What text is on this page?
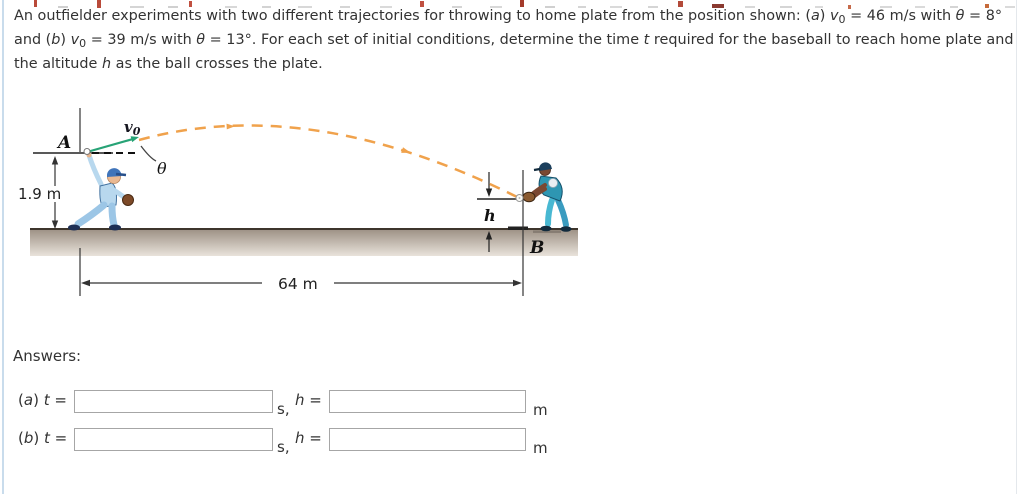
An outfielder experiments with two different trajectories for throwing to home plate from the position shown: (a) $v_0 = 46$ m/s with θ = 8°
and (b) $v_0 = 39$ m/s with θ = 13°. For each set of initial conditions, determine the time t required for the baseball to reach home plate and
the altitude h as the ball crosses the plate.
64 m
1.9 m
A
$v_0$
θ
h
B
Answers:
(a) t =	s, h =
m
(b) t =	s, h =
m
